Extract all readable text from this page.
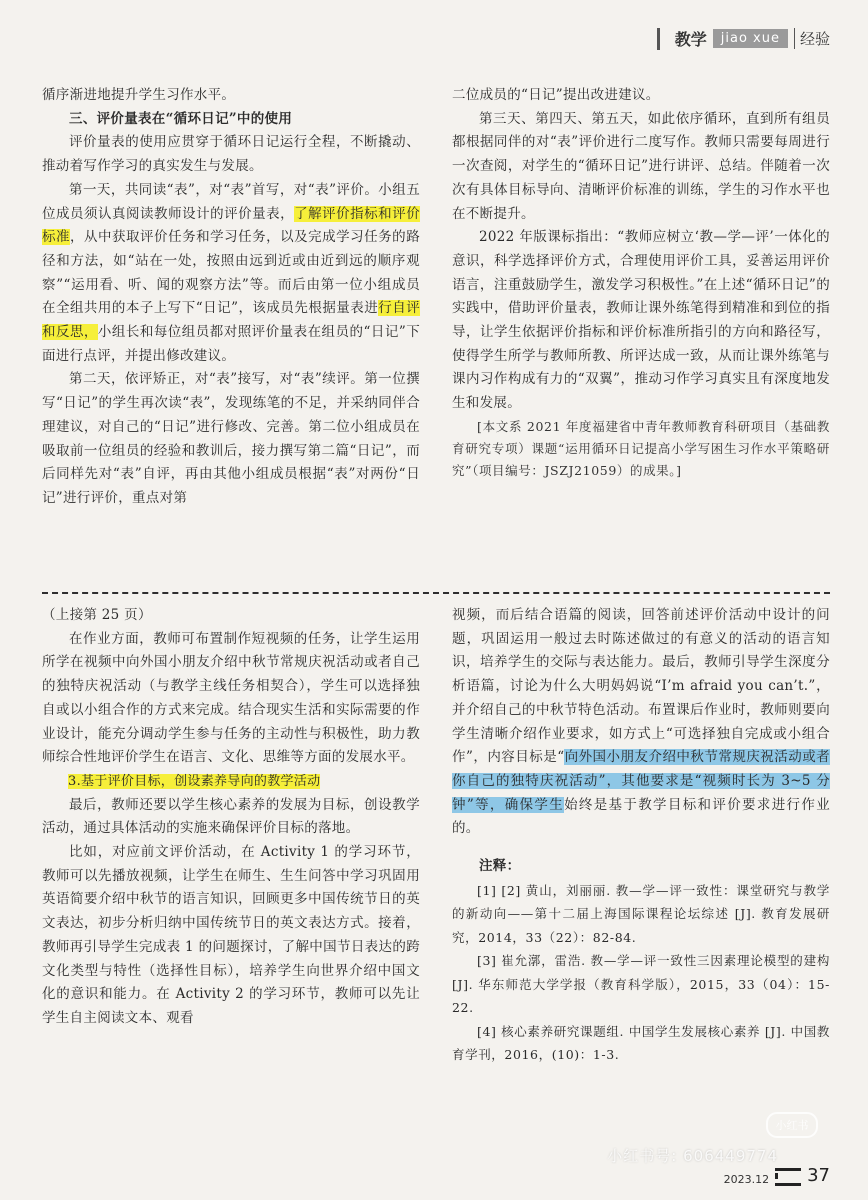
教学	jiao xue	经验

循序渐进地提升学生习作水平。

三、评价量表在“循环日记”中的使用

评价量表的使用应贯穿于循环日记运行全程，不断撬动、推动着写作学习的真实发生与发展。

第一天，共同读“表”，对“表”首写，对“表”评价。小组五位成员须认真阅读教师设计的评价量表，了解评价指标和评价标准，从中获取评价任务和学习任务，以及完成学习任务的路径和方法，如“站在一处，按照由远到近或由近到远的顺序观察”“运用看、听、闻的观察方法”等。而后由第一位小组成员在全组共用的本子上写下“日记”，该成员先根据量表进行自评和反思，小组长和每位组员都对照评价量表在组员的“日记”下面进行点评，并提出修改建议。

第二天，依评矫正，对“表”接写，对“表”续评。第一位撰写“日记”的学生再次读“表”，发现练笔的不足，并采纳同伴合理建议，对自己的“日记”进行修改、完善。第二位小组成员在吸取前一位组员的经验和教训后，接力撰写第二篇“日记”，而后同样先对“表”自评，再由其他小组成员根据“表”对两份“日记”进行评价，重点对第

二位成员的“日记”提出改进建议。

第三天、第四天、第五天，如此依序循环，直到所有组员都根据同伴的对“表”评价进行二度写作。教师只需要每周进行一次查阅，对学生的“循环日记”进行讲评、总结。伴随着一次次有具体目标导向、清晰评价标准的训练，学生的习作水平也在不断提升。

2022 年版课标指出：“教师应树立‘教—学—评’一体化的意识，科学选择评价方式，合理使用评价工具，妥善运用评价语言，注重鼓励学生，激发学习积极性。”在上述“循环日记”的实践中，借助评价量表，教师让课外练笔得到精准和到位的指导，让学生依据评价指标和评价标准所指引的方向和路径写，使得学生所学与教师所教、所评达成一致，从而让课外练笔与课内习作构成有力的“双翼”，推动习作学习真实且有深度地发生和发展。

[本文系 2021 年度福建省中青年教师教育科研项目（基础教育研究专项）课题“运用循环日记提高小学写困生习作水平策略研究”（项目编号：JSZJ21059）的成果。]

（上接第 25 页）

在作业方面，教师可布置制作短视频的任务，让学生运用所学在视频中向外国小朋友介绍中秋节常规庆祝活动或者自己的独特庆祝活动（与教学主线任务相契合），学生可以选择独自或以小组合作的方式来完成。结合现实生活和实际需要的作业设计，能充分调动学生参与任务的主动性与积极性，助力教师综合性地评价学生在语言、文化、思维等方面的发展水平。

3.基于评价目标，创设素养导向的教学活动

最后，教师还要以学生核心素养的发展为目标，创设教学活动，通过具体活动的实施来确保评价目标的落地。

比如，对应前文评价活动，在 Activity 1 的学习环节，教师可以先播放视频，让学生在师生、生生问答中学习巩固用英语简要介绍中秋节的语言知识，回顾更多中国传统节日的英文表达，初步分析归纳中国传统节日的英文表达方式。接着，教师再引导学生完成表 1 的问题探讨，了解中国节日表达的跨文化类型与特性（选择性目标），培养学生向世界介绍中国文化的意识和能力。在 Activity 2 的学习环节，教师可以先让学生自主阅读文本、观看

视频，而后结合语篇的阅读，回答前述评价活动中设计的问题，巩固运用一般过去时陈述做过的有意义的活动的语言知识，培养学生的交际与表达能力。最后，教师引导学生深度分析语篇，讨论为什么大明妈妈说“I’m afraid you can’t.”，并介绍自己的中秋节特色活动。布置课后作业时，教师则要向学生清晰介绍作业要求，如方式上“可选择独自完成或小组合作”，内容目标是“向外国小朋友介绍中秋节常规庆祝活动或者你自己的独特庆祝活动”，其他要求是“视频时长为 3~5 分钟”等，确保学生始终是基于教学目标和评价要求进行作业的。

注释：

[1] [2] 黄山，刘丽丽. 教—学—评一致性：课堂研究与教学的新动向——第十二届上海国际课程论坛综述 [J]. 教育发展研究，2014，33（22）：82-84.

[3] 崔允漷，雷浩. 教—学—评一致性三因素理论模型的建构 [J]. 华东师范大学学报（教育科学版），2015，33（04）：15-22.

[4] 核心素养研究课题组. 中国学生发展核心素养 [J]. 中国教育学刊，2016，(10)：1-3.

小红书
小红书号: 606449774
2023.12 37
